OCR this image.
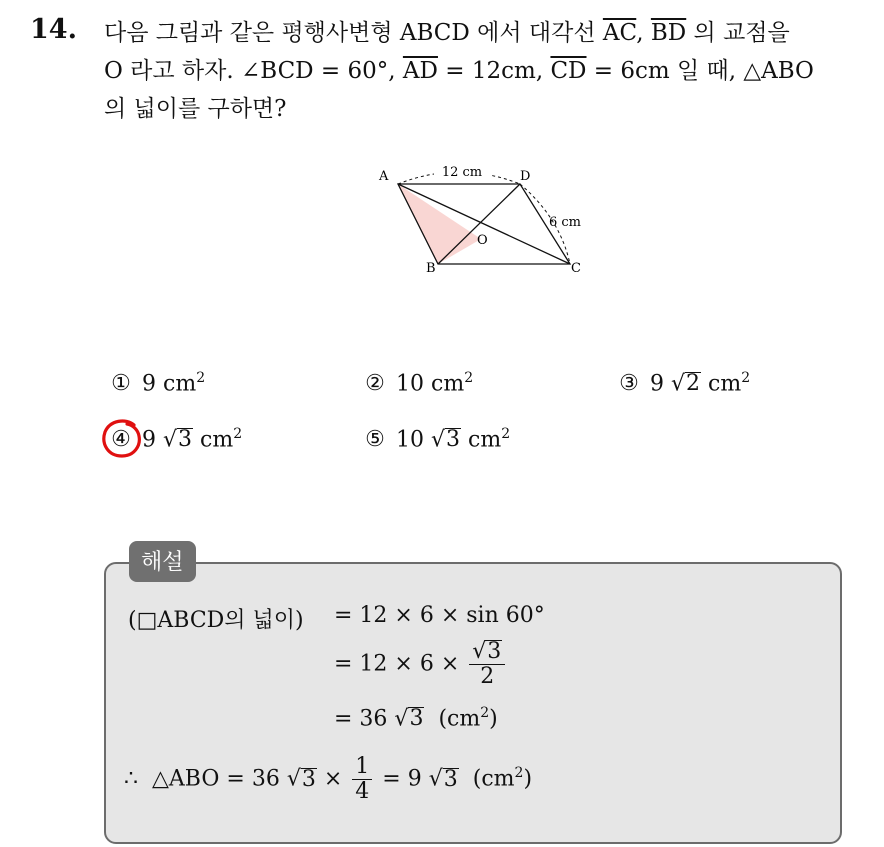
14. 다음 그림과 같은 평행사변형 ABCD 에서 대각선 $\overline{AC}$, $\overline{BD}$ 의 교점을
O 라고 하자. ∠BCD = 60°, $\overline{AD} = 12cm$, $\overline{CD} = 6cm$ 일 때, △ABO
의 넓이를 구하면?
12 cm
6 cm
A	D
B	C
O
① 9 $cm^2$	② 10 $cm^2$	③ 9 √2 $cm^2$
④ 9 √3 $cm^2$	⑤ 10 √3 $cm^2$
해설
(□ABCD의 넓이) = 12 × 6 × sin 60°
= $12 \times 6 \times \frac{√3}{2}$
= 36 √3 $(cm^2)$
∴ △ABO = 36 $√3 \times \frac{1}{4} = 9$ √3 $(cm^2)$
